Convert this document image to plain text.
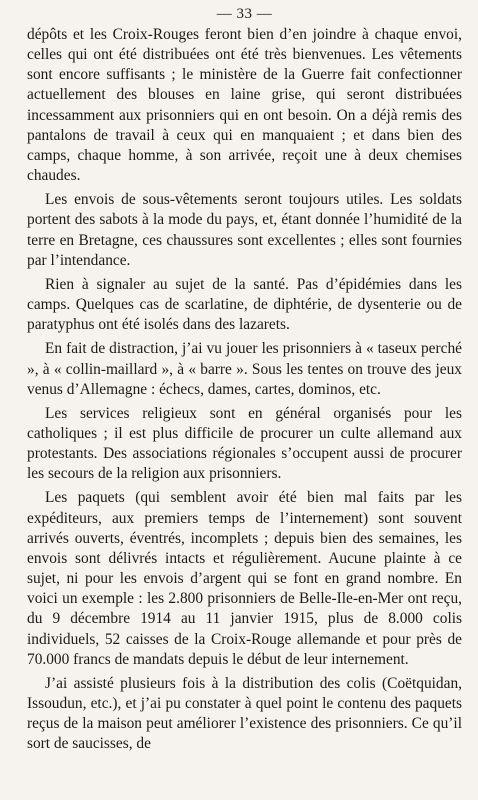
— 33 —

dépôts et les Croix-Rouges feront bien d’en joindre à chaque envoi, celles qui ont été distribuées ont été très bienvenues. Les vêtements sont encore suffisants ; le ministère de la Guerre fait confectionner actuellement des blouses en laine grise, qui seront distribuées incessamment aux prisonniers qui en ont besoin. On a déjà remis des pantalons de travail à ceux qui en manquaient ; et dans bien des camps, chaque homme, à son arrivée, reçoit une à deux chemises chaudes.

Les envois de sous-vêtements seront toujours utiles. Les soldats portent des sabots à la mode du pays, et, étant donnée l’humidité de la terre en Bretagne, ces chaussures sont excellentes ; elles sont fournies par l’intendance.

Rien à signaler au sujet de la santé. Pas d’épidémies dans les camps. Quelques cas de scarlatine, de diphtérie, de dysenterie ou de paratyphus ont été isolés dans des lazarets.

En fait de distraction, j’ai vu jouer les prisonniers à « taseux perché », à « collin-maillard », à « barre ». Sous les tentes on trouve des jeux venus d’Allemagne : échecs, dames, cartes, dominos, etc.

Les services religieux sont en général organisés pour les catholiques ; il est plus difficile de procurer un culte allemand aux protestants. Des associations régionales s’occupent aussi de procurer les secours de la religion aux prisonniers.

Les paquets (qui semblent avoir été bien mal faits par les expéditeurs, aux premiers temps de l’internement) sont souvent arrivés ouverts, éventrés, incomplets ; depuis bien des semaines, les envois sont délivrés intacts et régulièrement. Aucune plainte à ce sujet, ni pour les envois d’argent qui se font en grand nombre. En voici un exemple : les 2.800 prisonniers de Belle-Ile-en-Mer ont reçu, du 9 décembre 1914 au 11 janvier 1915, plus de 8.000 colis individuels, 52 caisses de la Croix-Rouge allemande et pour près de 70.000 francs de mandats depuis le début de leur internement.

J’ai assisté plusieurs fois à la distribution des colis (Coëtquidan, Issoudun, etc.), et j’ai pu constater à quel point le contenu des paquets reçus de la maison peut améliorer l’existence des prisonniers. Ce qu’il sort de saucisses, de
